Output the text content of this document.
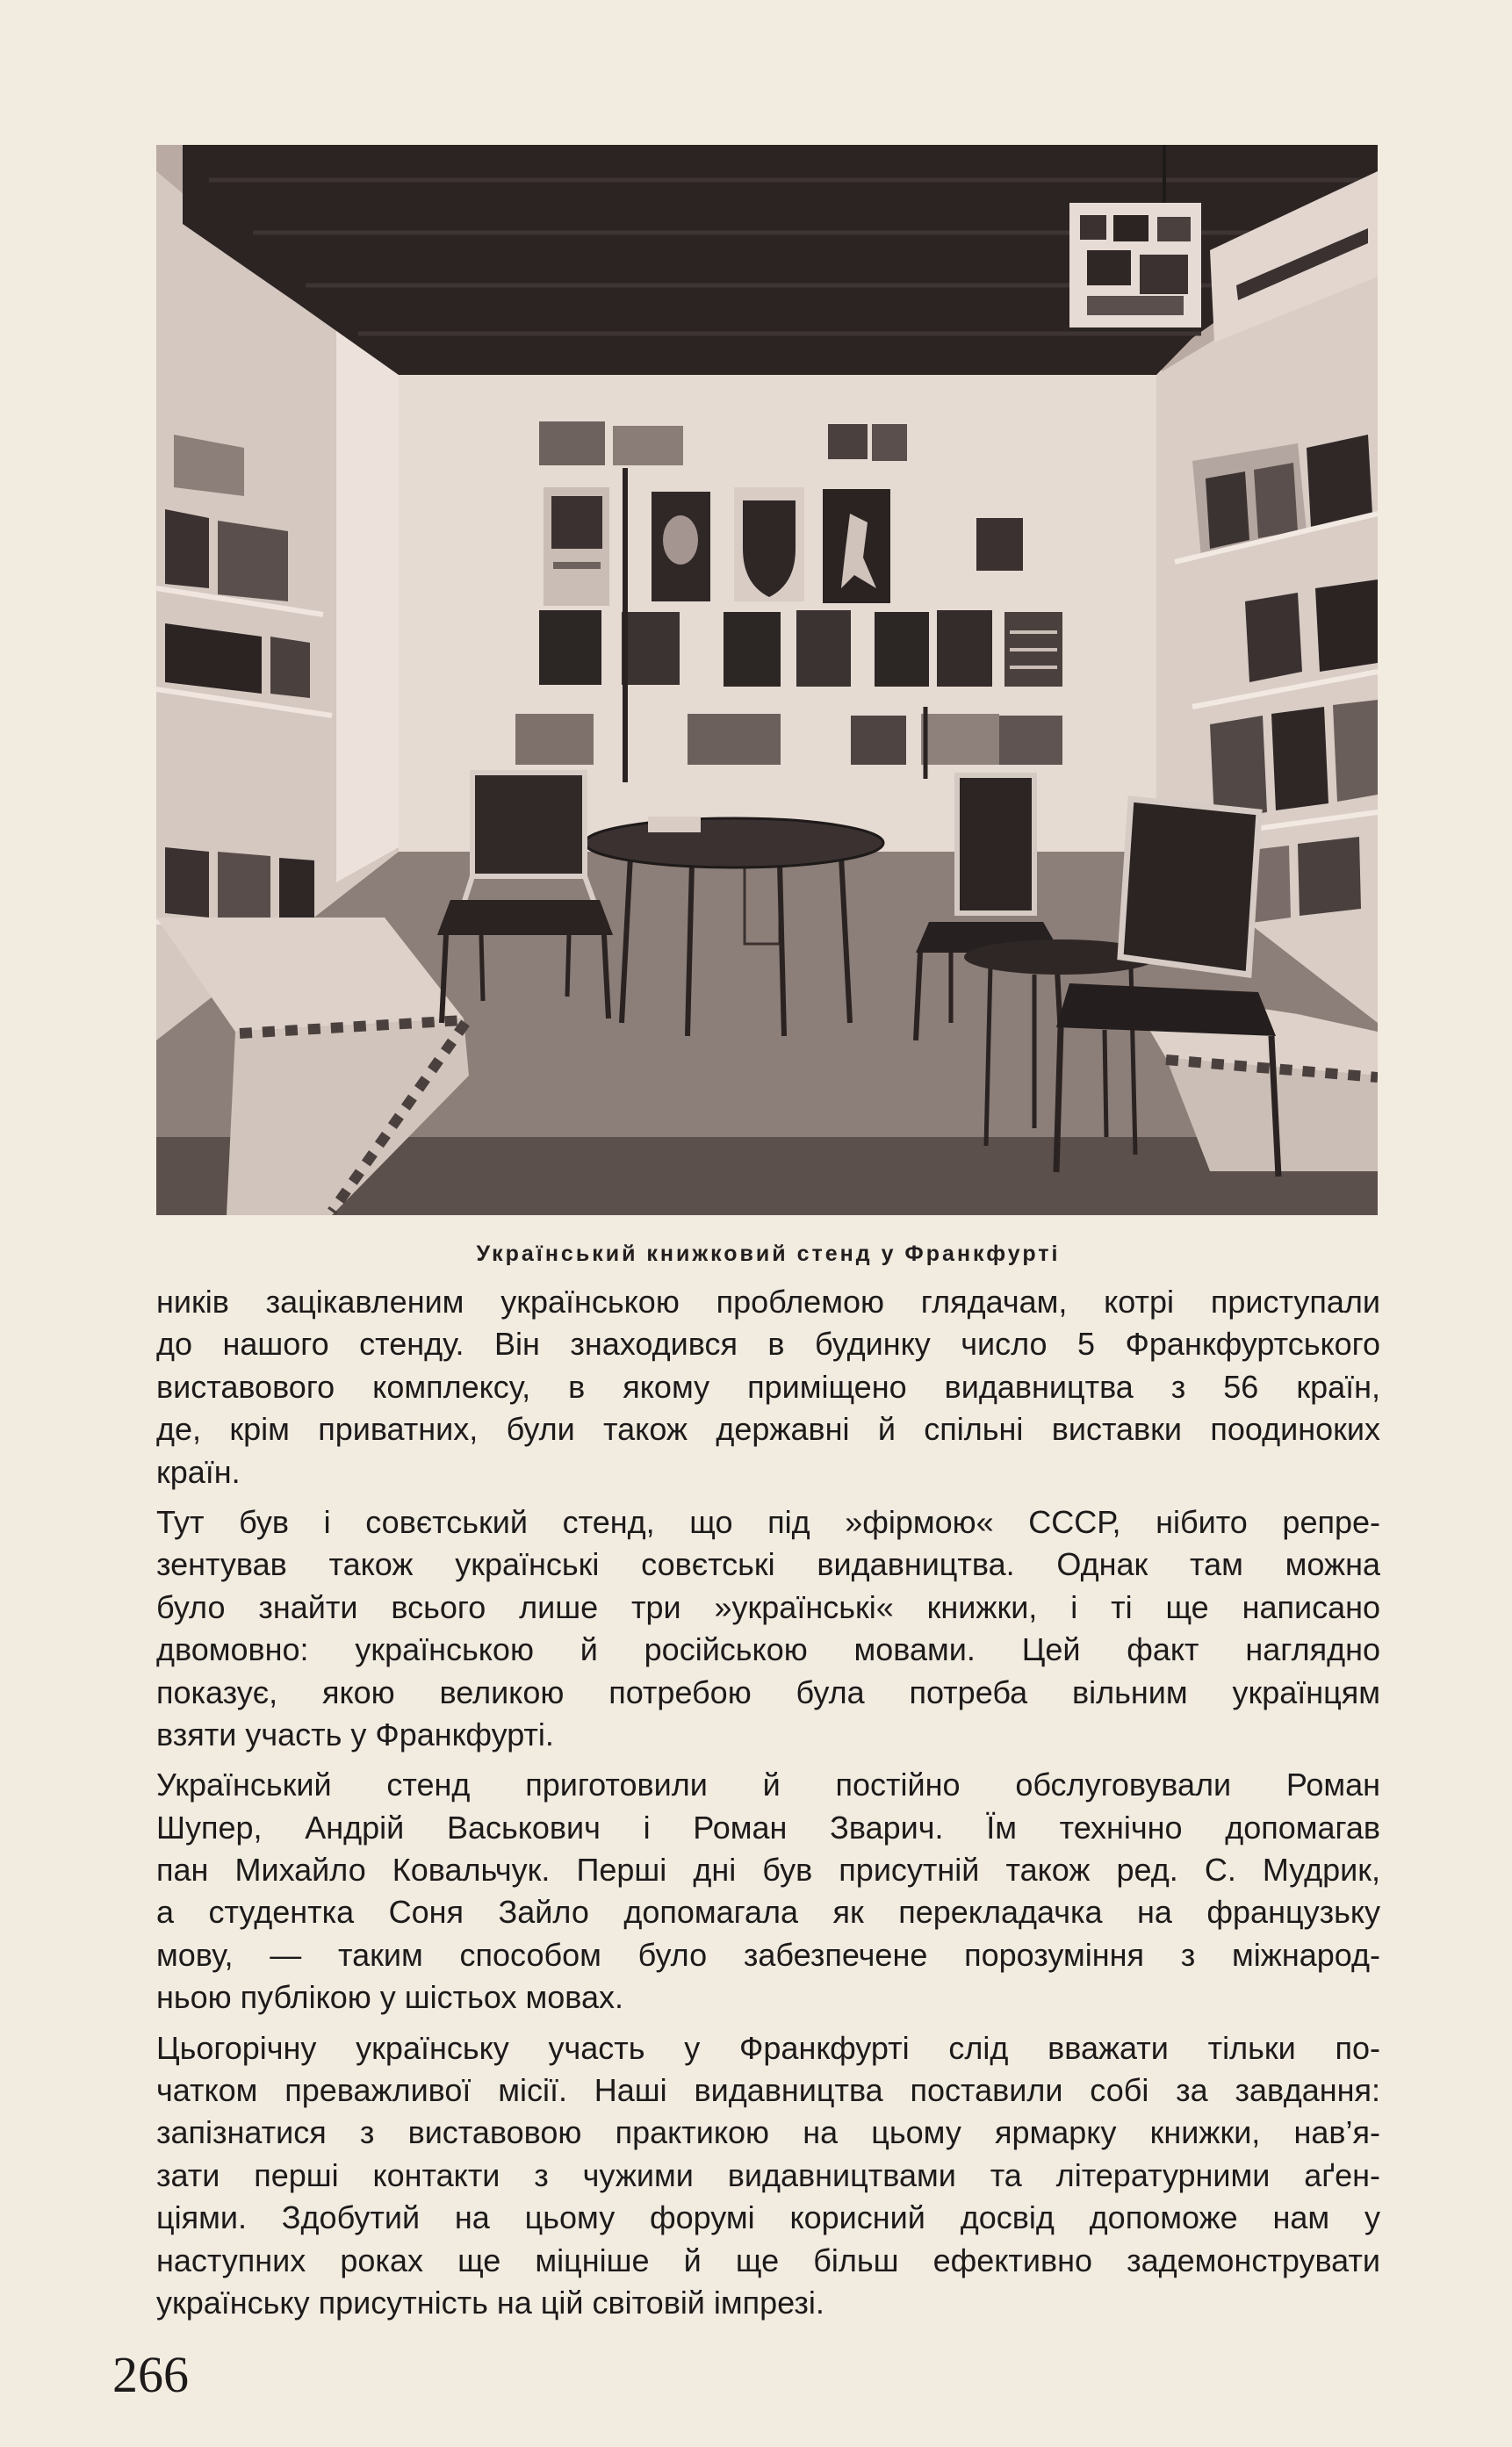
Український книжковий стенд у Франкфурті

ників зацікавленим українською проблемою глядачам, котрі приступали
до нашого стенду. Він знаходився в будинку число 5 Франкфуртського
виставового комплексу, в якому приміщено видавництва з 56 країн,
де, крім приватних, були також державні й спільні виставки поодиноких
країн.

Тут був і совєтський стенд, що під »фірмою« СССР, нібито репре-
зентував також українські совєтські видавництва. Однак там можна
було знайти всього лише три »українські« книжки, і ті ще написано
двомовно: українською й російською мовами. Цей факт наглядно
показує, якою великою потребою була потреба вільним українцям
взяти участь у Франкфурті.

Український стенд приготовили й постійно обслуговували Роман
Шупер, Андрій Васькович і Роман Зварич. Їм технічно допомагав
пан Михайло Ковальчук. Перші дні був присутній також ред. С. Мудрик,
а студентка Соня Зайло допомагала як перекладачка на французьку
мову, — таким способом було забезпечене порозуміння з міжнарод-
ньою публікою у шістьох мовах.

Цьогорічну українську участь у Франкфурті слід вважати тільки по-
чатком преважливої місії. Наші видавництва поставили собі за завдання:
запізнатися з виставовою практикою на цьому ярмарку книжки, нав’я-
зати перші контакти з чужими видавництвами та літературними аґен-
ціями. Здобутий на цьому форумі корисний досвід допоможе нам у
наступних роках ще міцніше й ще більш ефективно задемонструвати
українську присутність на цій світовій імпрезі.

266
